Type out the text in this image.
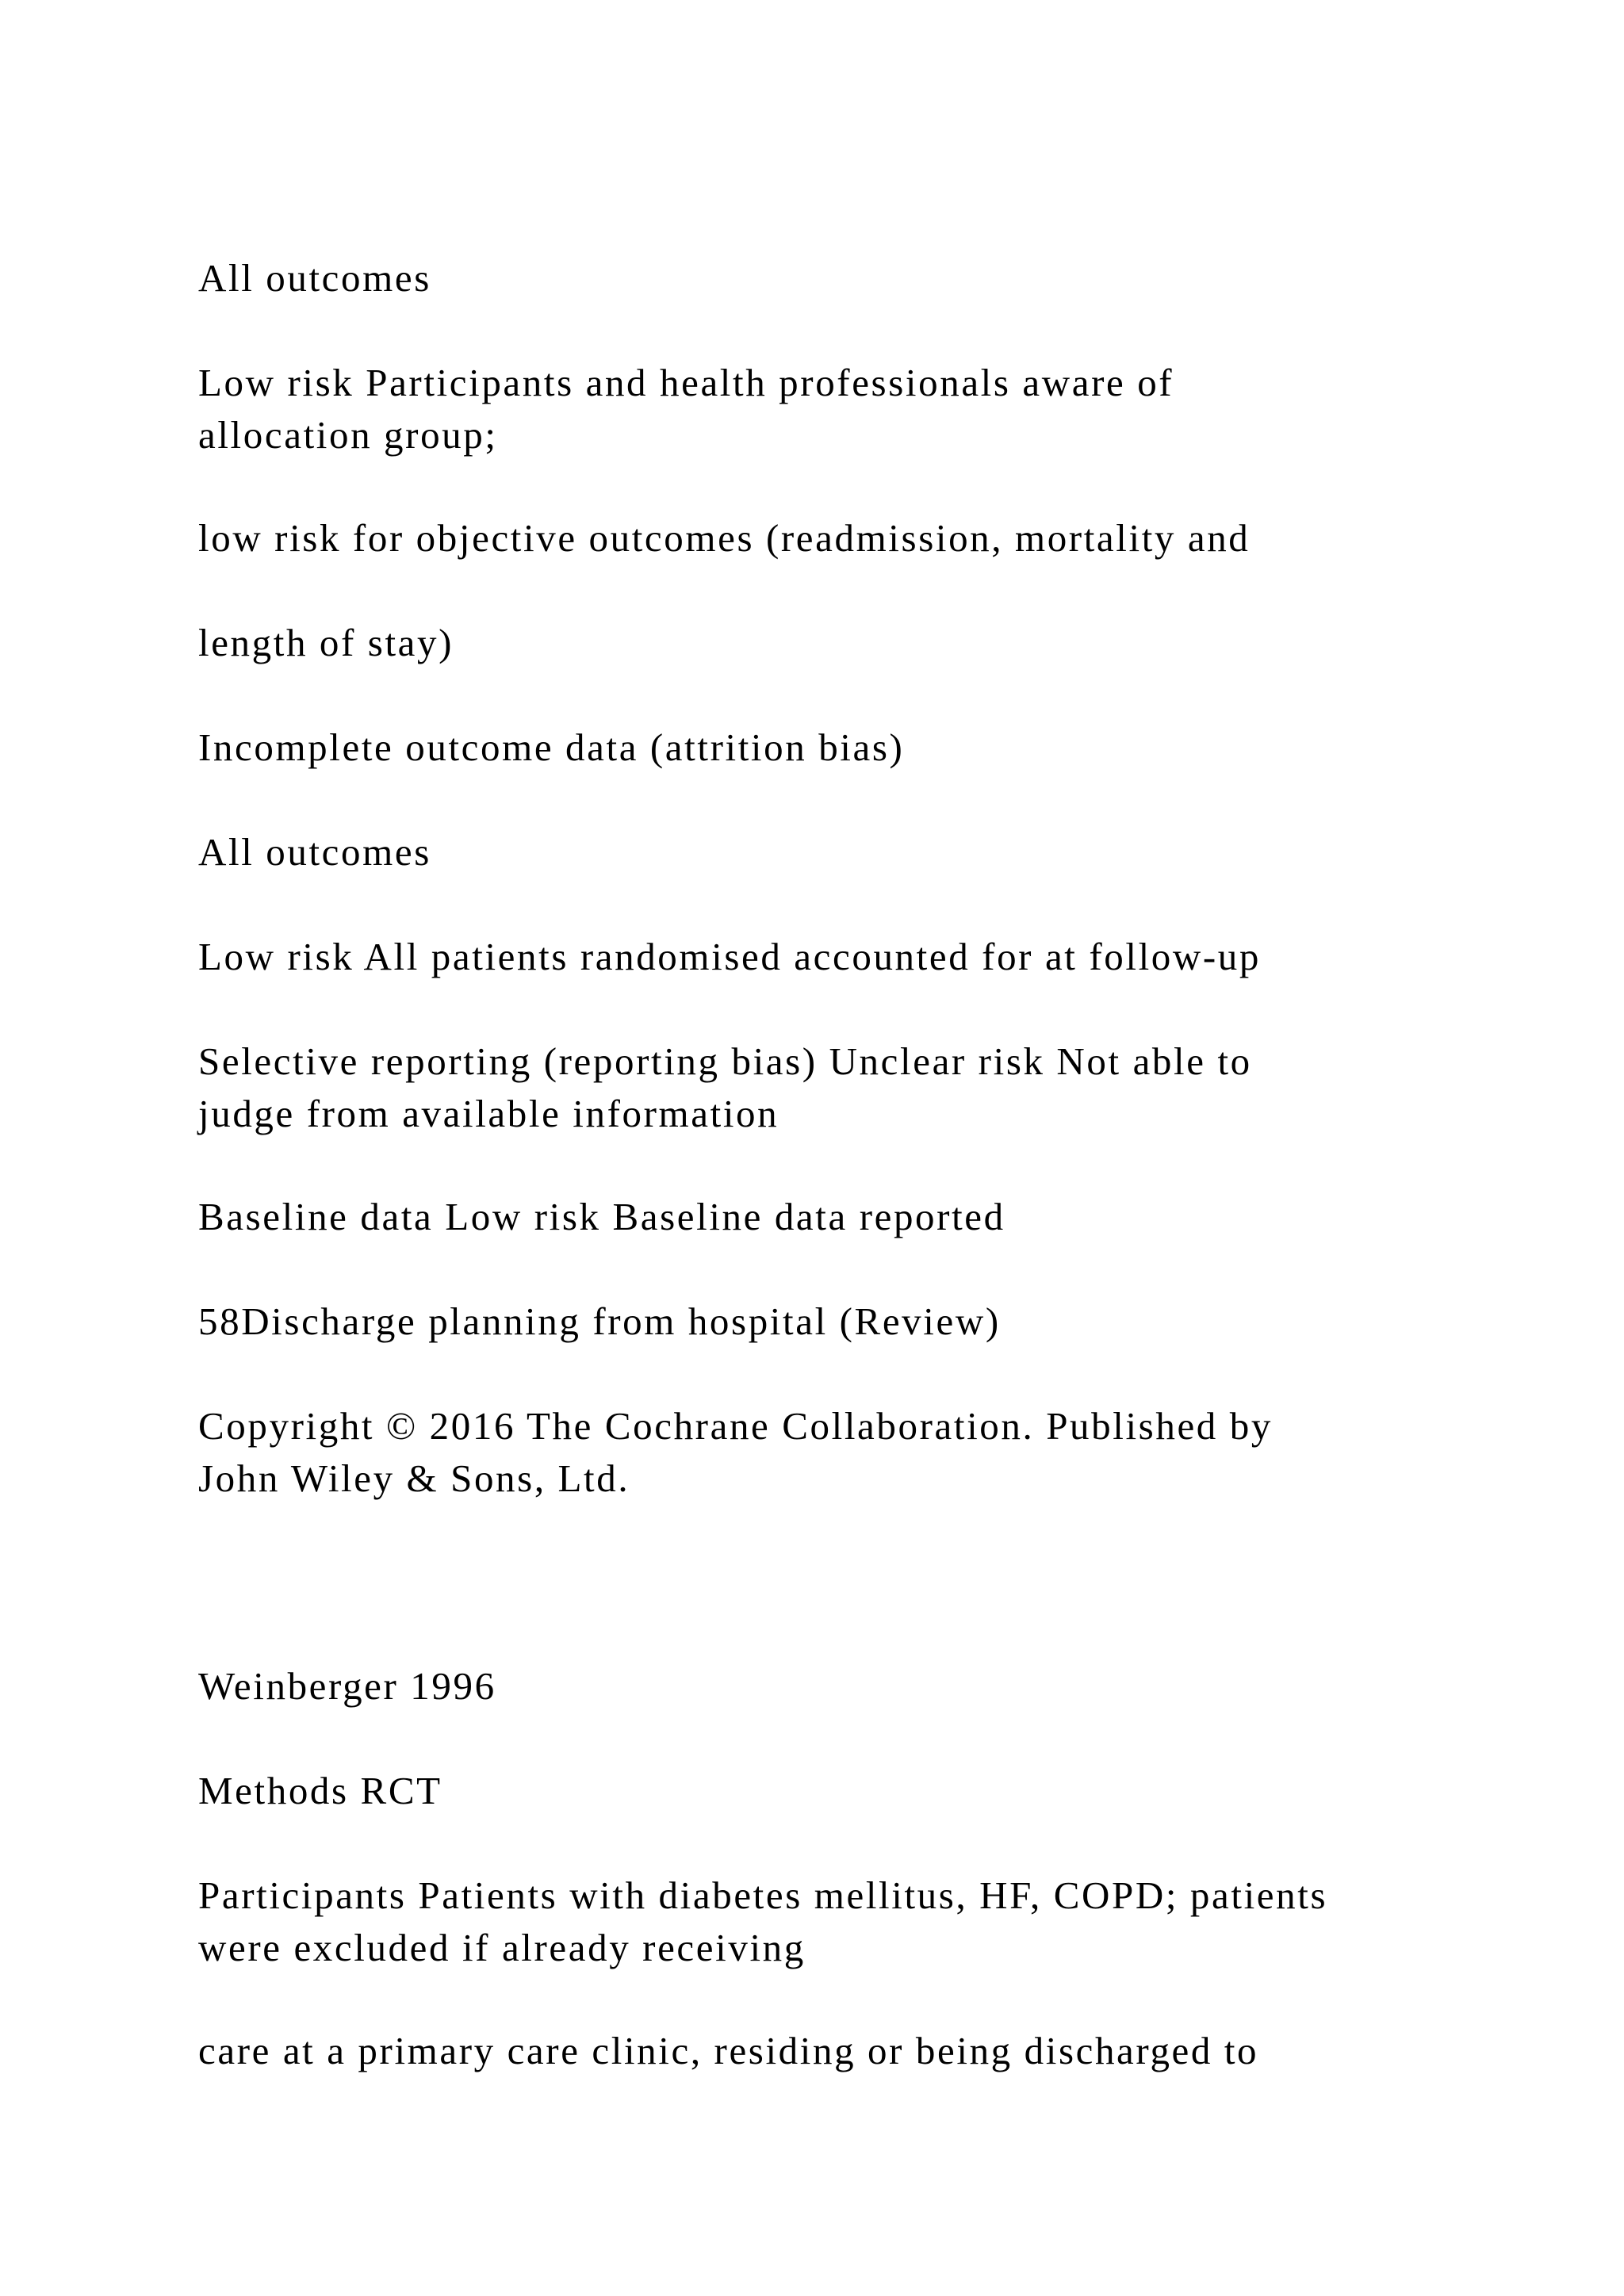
All outcomes

Low risk Participants and health professionals aware of
allocation group;

low risk for objective outcomes (readmission, mortality and

length of stay)

Incomplete outcome data (attrition bias)

All outcomes

Low risk All patients randomised accounted for at follow-up

Selective reporting (reporting bias) Unclear risk Not able to
judge from available information

Baseline data Low risk Baseline data reported

58Discharge planning from hospital (Review)

Copyright © 2016 The Cochrane Collaboration. Published by
John Wiley & Sons, Ltd.

Weinberger 1996

Methods RCT

Participants Patients with diabetes mellitus, HF, COPD; patients
were excluded if already receiving

care at a primary care clinic, residing or being discharged to
